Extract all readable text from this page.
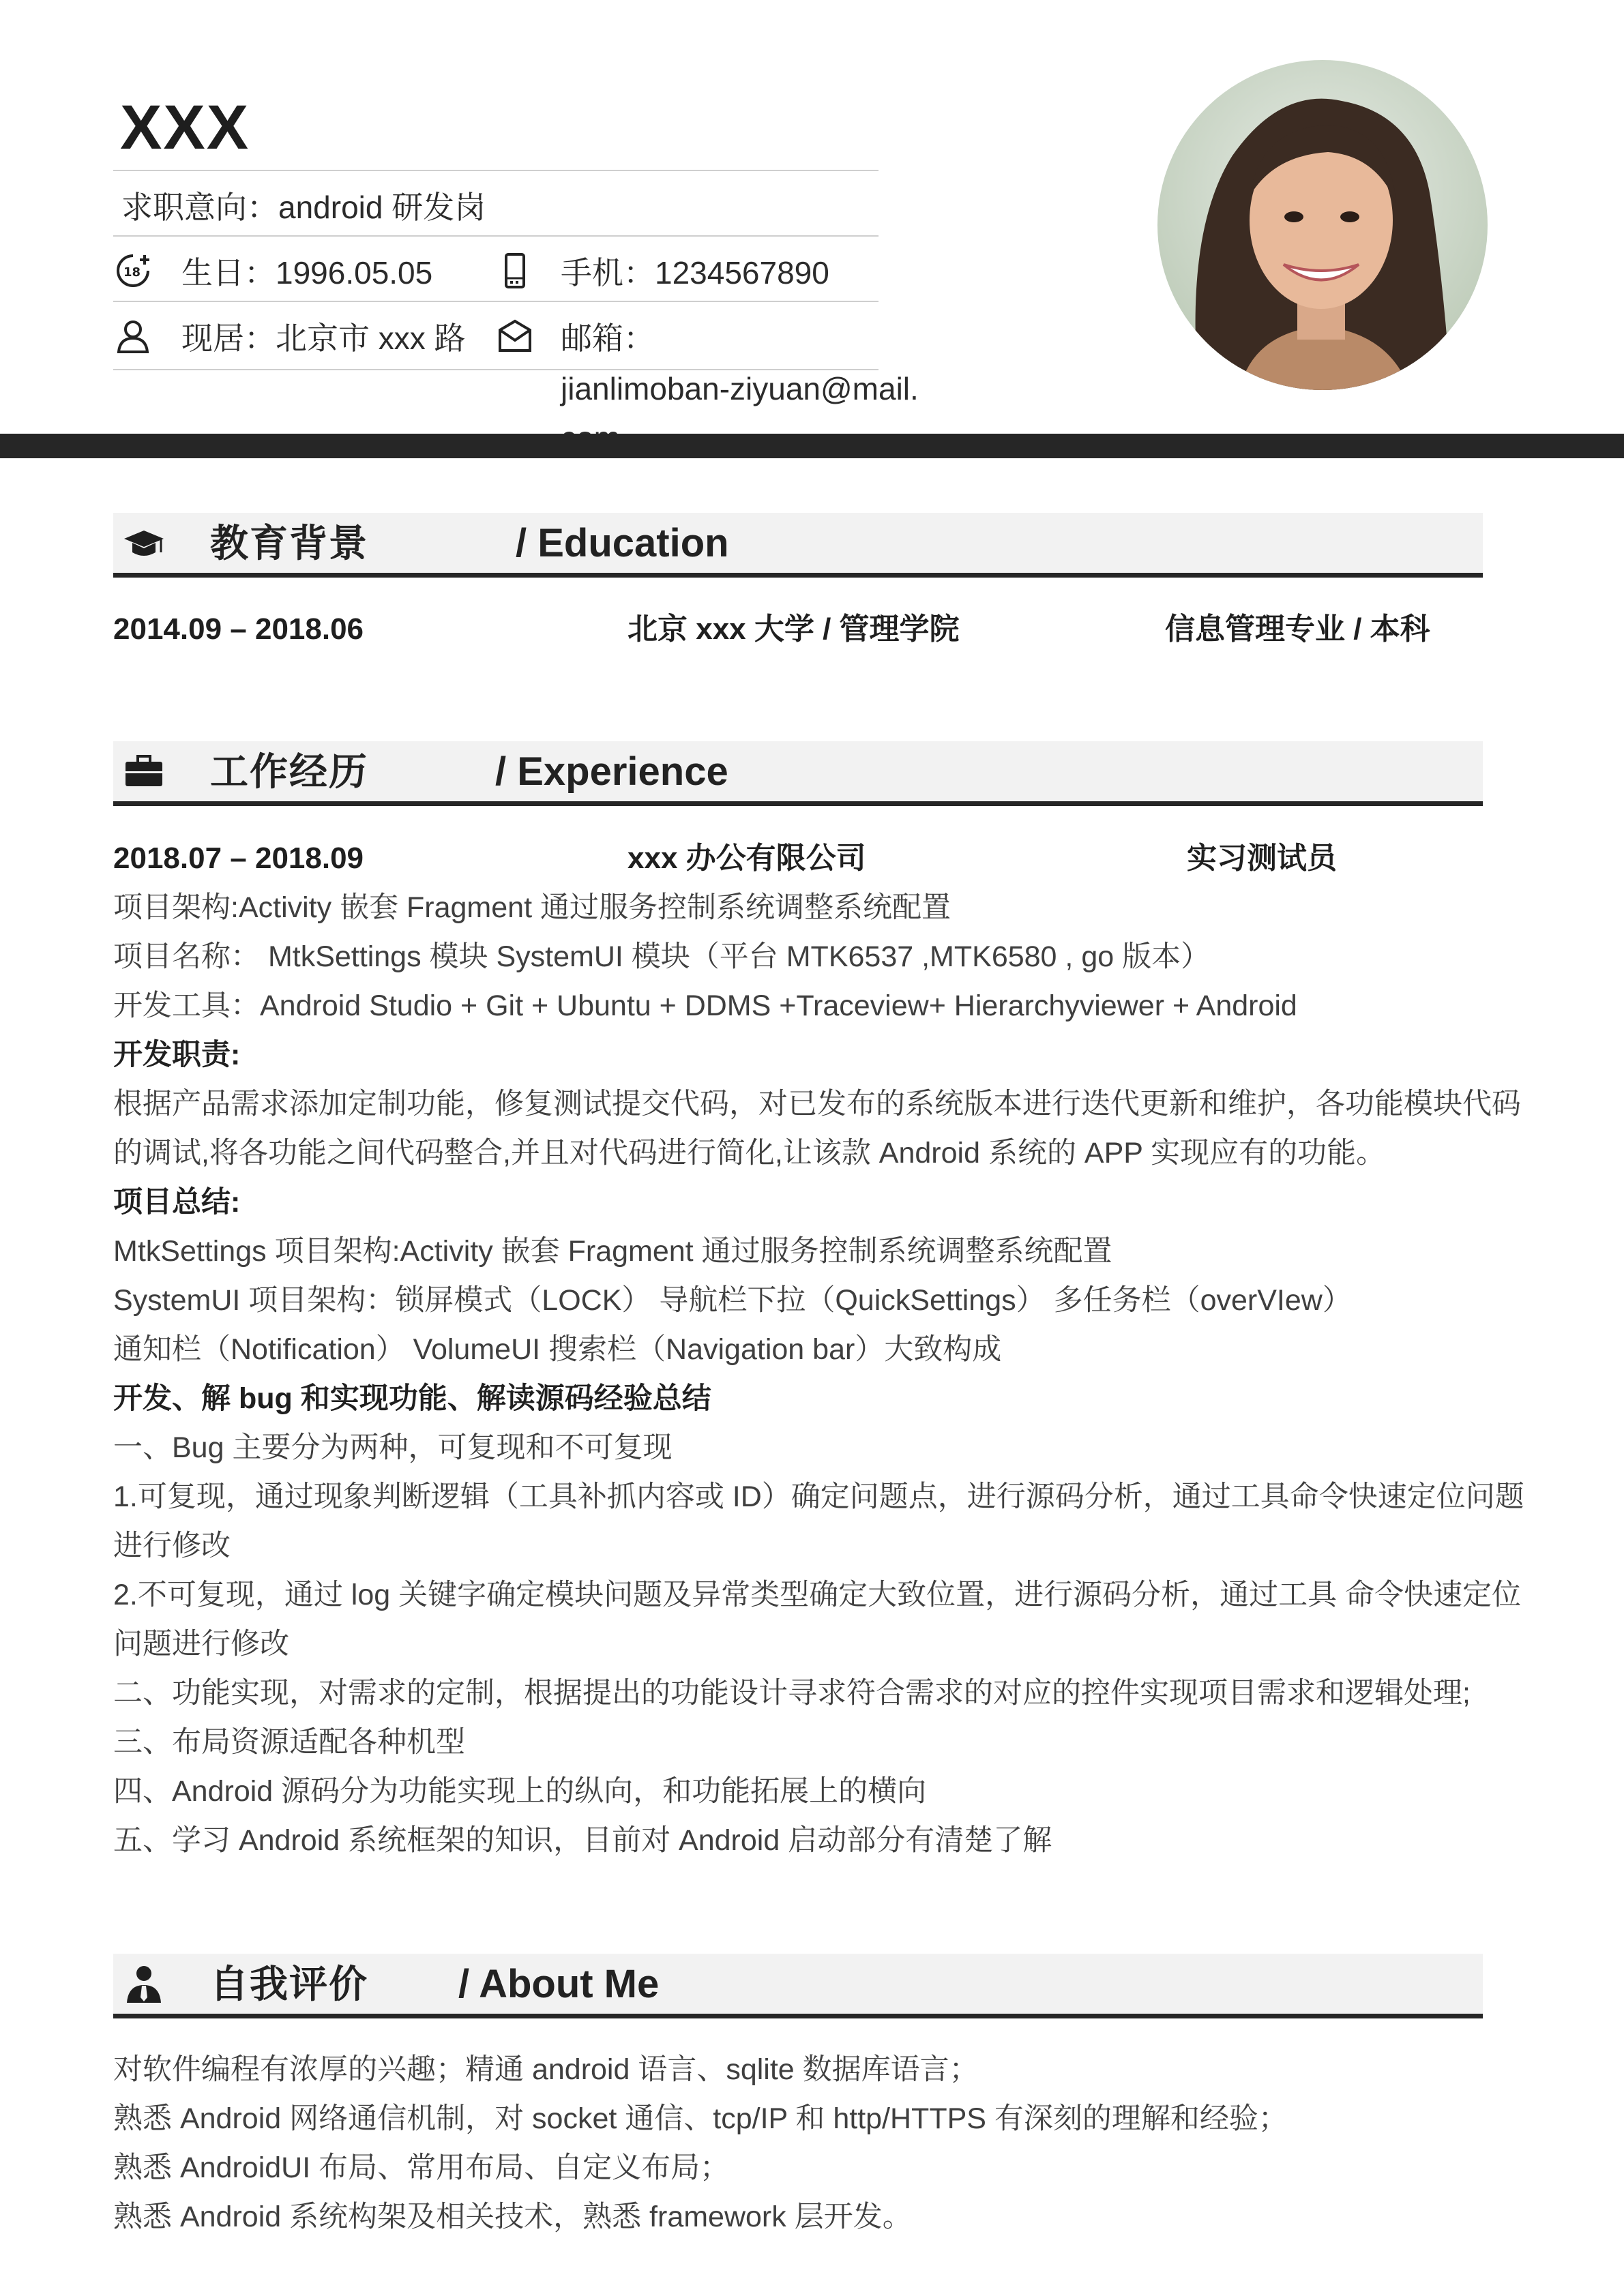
XXX
求职意向：android 研发岗
18 生日：1996.05.05	手机：1234567890
现居：北京市 xxx 路	邮箱：
jianlimoban-ziyuan@mail.
教育背景	/ Education
2014.09 – 2018.06	北京 xxx 大学 / 管理学院	信息管理专业 / 本科
工作经历	/ Experience
2018.07 – 2018.09	xxx 办公有限公司	实习测试员
项目架构:Activity 嵌套 Fragment 通过服务控制系统调整系统配置
项目名称： MtkSettings 模块 SystemUI 模块（平台 MTK6537 ,MTK6580 , go 版本）
开发工具：Android Studio + Git + Ubuntu + DDMS +Traceview+ Hierarchyviewer + Android
开发职责:
根据产品需求添加定制功能，修复测试提交代码，对已发布的系统版本进行迭代更新和维护，各功能模块代码
的调试,将各功能之间代码整合,并且对代码进行简化,让该款 Android 系统的 APP 实现应有的功能。
项目总结:
MtkSettings 项目架构:Activity 嵌套 Fragment 通过服务控制系统调整系统配置
SystemUI 项目架构：锁屏模式（LOCK） 导航栏下拉（QuickSettings） 多任务栏（overVIew）
通知栏（Notification） VolumeUI 搜索栏（Navigation bar）大致构成
开发、解 bug 和实现功能、解读源码经验总结
一、Bug 主要分为两种，可复现和不可复现
1.可复现，通过现象判断逻辑（工具补抓内容或 ID）确定问题点，进行源码分析，通过工具命令快速定位问题
进行修改
2.不可复现，通过 log 关键字确定模块问题及异常类型确定大致位置，进行源码分析，通过工具 命令快速定位
问题进行修改
二、功能实现，对需求的定制，根据提出的功能设计寻求符合需求的对应的控件实现项目需求和逻辑处理;
三、布局资源适配各种机型
四、Android 源码分为功能实现上的纵向，和功能拓展上的横向
五、学习 Android 系统框架的知识，目前对 Android 启动部分有清楚了解
自我评价 / About Me
对软件编程有浓厚的兴趣；精通 android 语言、sqlite 数据库语言；
熟悉 Android 网络通信机制，对 socket 通信、tcp/IP 和 http/HTTPS 有深刻的理解和经验；
熟悉 AndroidUI 布局、常用布局、自定义布局；
熟悉 Android 系统构架及相关技术，熟悉 framework 层开发。
